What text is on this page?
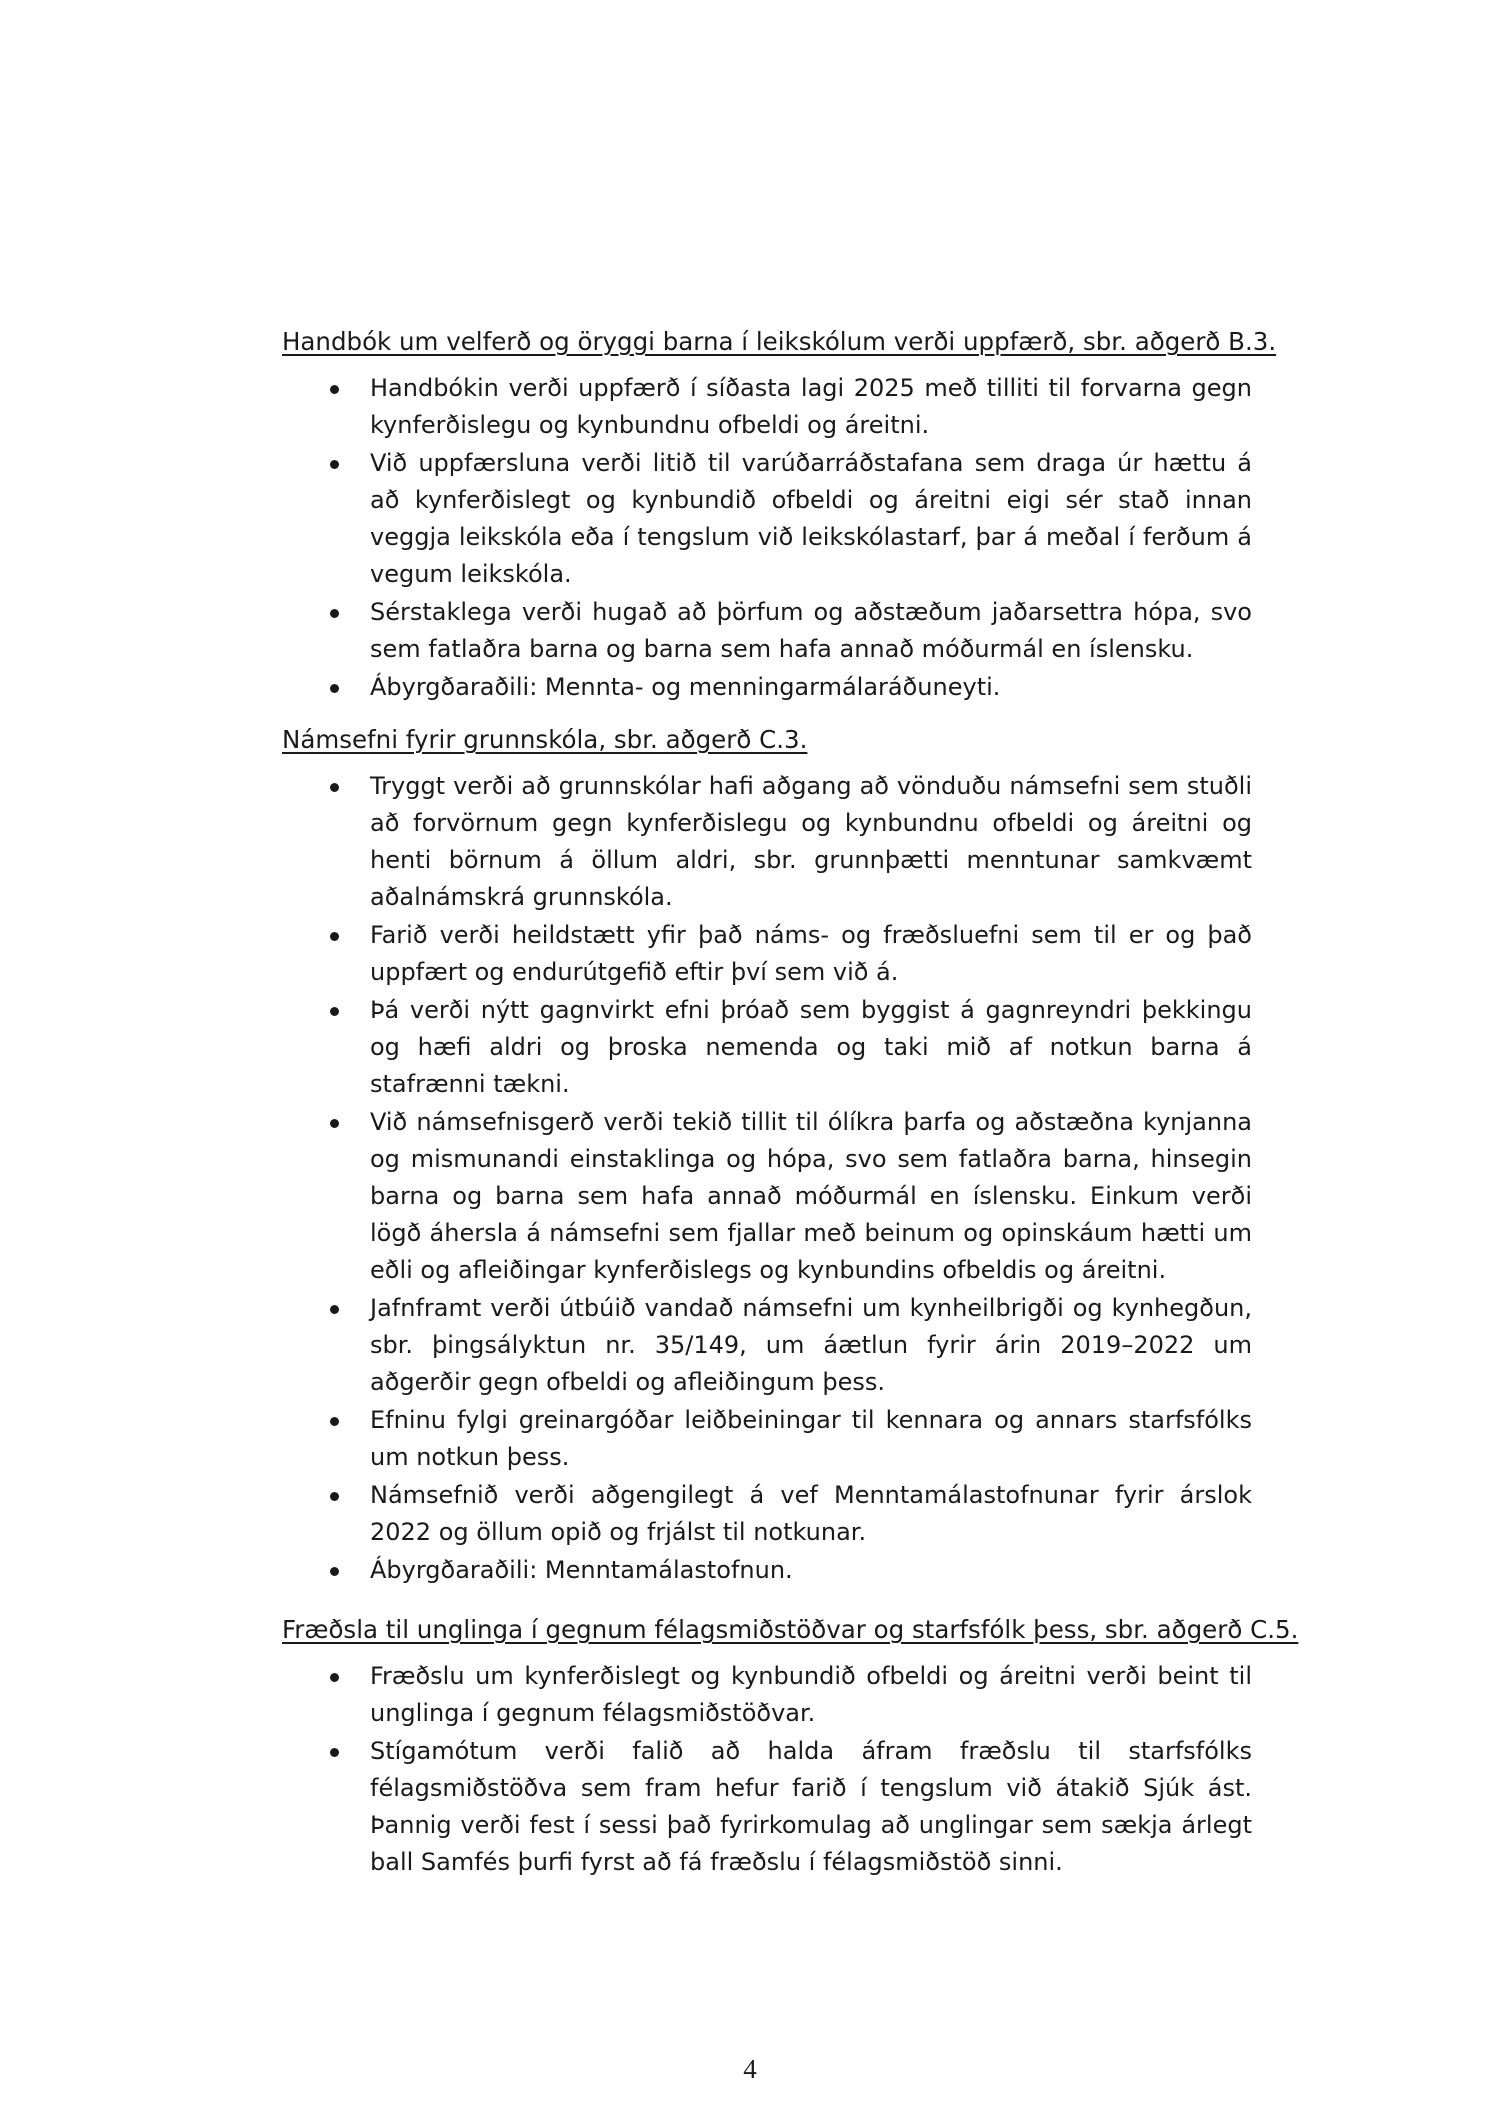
Handbók um velferð og öryggi barna í leikskólum verði uppfærð, sbr. aðgerð B.3.
Handbókin verði uppfærð í síðasta lagi 2025 með tilliti til forvarna gegn kynferðislegu og kynbundnu ofbeldi og áreitni.
Við uppfærsluna verði litið til varúðarráðstafana sem draga úr hættu á að kynferðislegt og kynbundið ofbeldi og áreitni eigi sér stað innan veggja leikskóla eða í tengslum við leikskólastarf, þar á meðal í ferðum á vegum leikskóla.
Sérstaklega verði hugað að þörfum og aðstæðum jaðarsettra hópa, svo sem fatlaðra barna og barna sem hafa annað móðurmál en íslensku.
Ábyrgðaraðili: Mennta- og menningarmálaráðuneyti.
Námsefni fyrir grunnskóla, sbr. aðgerð C.3.
Tryggt verði að grunnskólar hafi aðgang að vönduðu námsefni sem stuðli að forvörnum gegn kynferðislegu og kynbundnu ofbeldi og áreitni og henti börnum á öllum aldri, sbr. grunnþætti menntunar samkvæmt aðalnámskrá grunnskóla.
Farið verði heildstætt yfir það náms- og fræðsluefni sem til er og það uppfært og endurútgefið eftir því sem við á.
Þá verði nýtt gagnvirkt efni þróað sem byggist á gagnreyndri þekkingu og hæfi aldri og þroska nemenda og taki mið af notkun barna á stafrænni tækni.
Við námsefnisgerð verði tekið tillit til ólíkra þarfa og aðstæðna kynjanna og mismunandi einstaklinga og hópa, svo sem fatlaðra barna, hinsegin barna og barna sem hafa annað móðurmál en íslensku. Einkum verði lögð áhersla á námsefni sem fjallar með beinum og opinskáum hætti um eðli og afleiðingar kynferðislegs og kynbundins ofbeldis og áreitni.
Jafnframt verði útbúið vandað námsefni um kynheilbrigði og kynhegðun, sbr. þingsályktun nr. 35/149, um áætlun fyrir árin 2019–2022 um aðgerðir gegn ofbeldi og afleiðingum þess.
Efninu fylgi greinargóðar leiðbeiningar til kennara og annars starfsfólks um notkun þess.
Námsefnið verði aðgengilegt á vef Menntamálastofnunar fyrir árslok 2022 og öllum opið og frjálst til notkunar.
Ábyrgðaraðili: Menntamálastofnun.
Fræðsla til unglinga í gegnum félagsmiðstöðvar og starfsfólk þess, sbr. aðgerð C.5.
Fræðslu um kynferðislegt og kynbundið ofbeldi og áreitni verði beint til unglinga í gegnum félagsmiðstöðvar.
Stígamótum verði falið að halda áfram fræðslu til starfsfólks félagsmiðstöðva sem fram hefur farið í tengslum við átakið Sjúk ást. Þannig verði fest í sessi það fyrirkomulag að unglingar sem sækja árlegt ball Samfés þurfi fyrst að fá fræðslu í félagsmiðstöð sinni.
4
